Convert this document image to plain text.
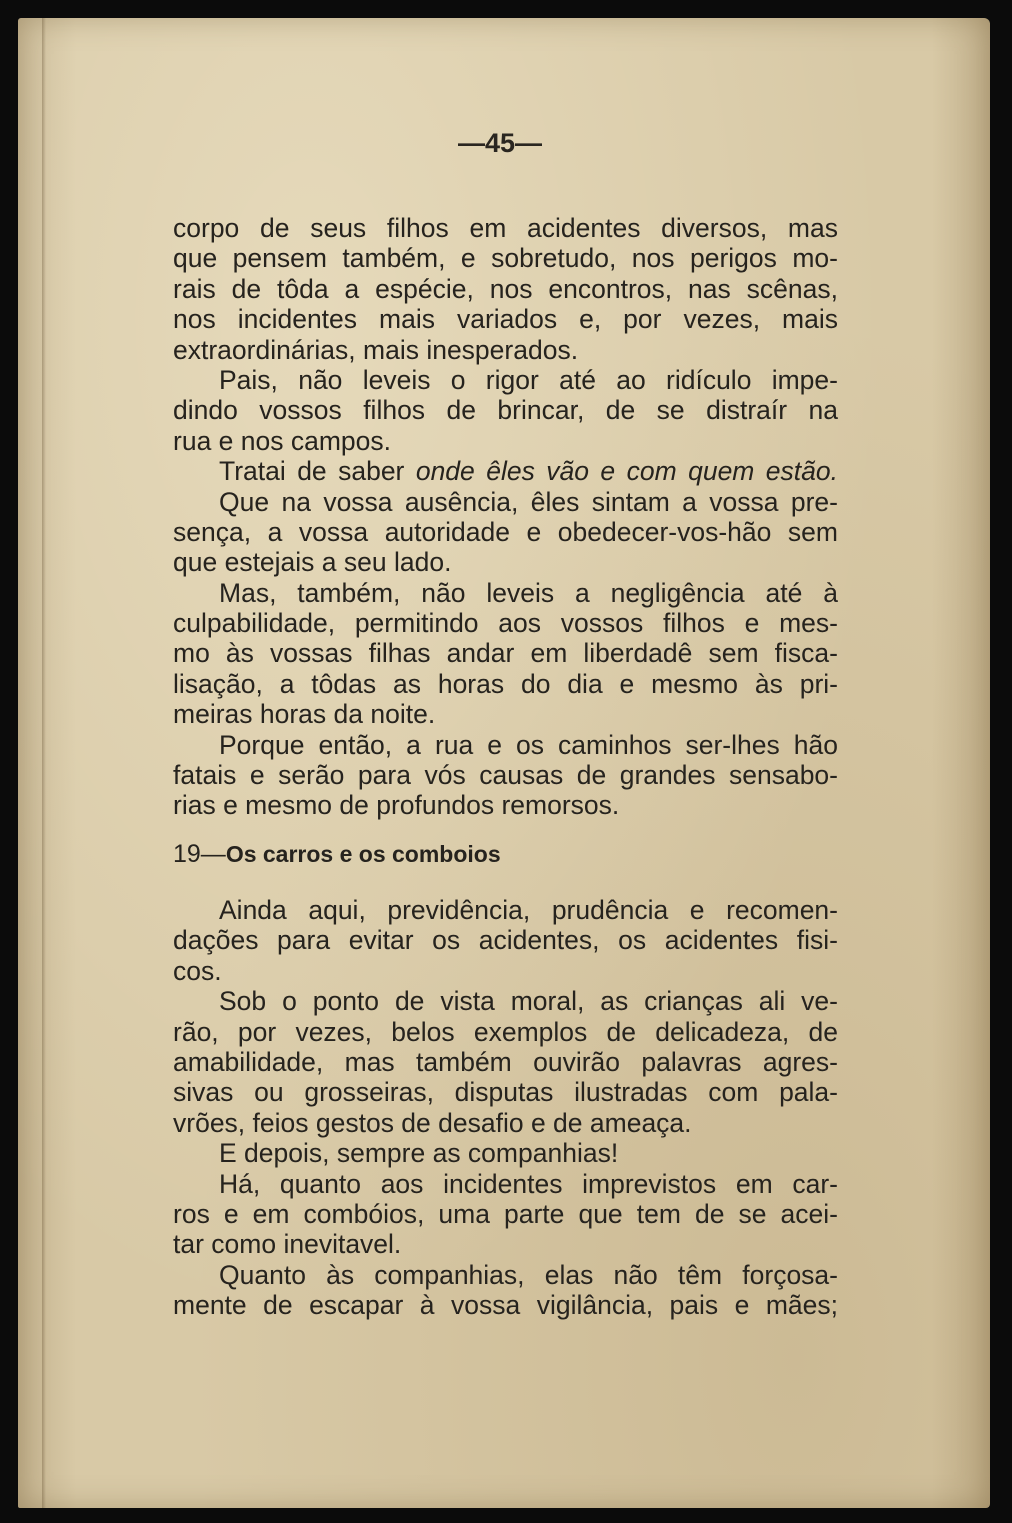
—45—
corpo de seus filhos em acidentes diversos, mas
que pensem também, e sobretudo, nos perigos mo-
rais de tôda a espécie, nos encontros, nas scênas,
nos incidentes mais variados e, por vezes, mais
extraordinárias, mais inesperados.
Pais, não leveis o rigor até ao ridículo impe-
dindo vossos filhos de brincar, de se distraír na
rua e nos campos.
Tratai de saber onde êles vão e com quem estão.
Que na vossa ausência, êles sintam a vossa pre-
sença, a vossa autoridade e obedecer-vos-hão sem
que estejais a seu lado.
Mas, também, não leveis a negligência até à
culpabilidade, permitindo aos vossos filhos e mes-
mo às vossas filhas andar em liberdadê sem fisca-
lisação, a tôdas as horas do dia e mesmo às pri-
meiras horas da noite.
Porque então, a rua e os caminhos ser-lhes hão
fatais e serão para vós causas de grandes sensabo-
rias e mesmo de profundos remorsos.
19—Os carros e os comboios
Ainda aqui, previdência, prudência e recomen-
dações para evitar os acidentes, os acidentes fisi-
cos.
Sob o ponto de vista moral, as crianças ali ve-
rão, por vezes, belos exemplos de delicadeza, de
amabilidade, mas também ouvirão palavras agres-
sivas ou grosseiras, disputas ilustradas com pala-
vrões, feios gestos de desafio e de ameaça.
E depois, sempre as companhias!
Há, quanto aos incidentes imprevistos em car-
ros e em combóios, uma parte que tem de se acei-
tar como inevitavel.
Quanto às companhias, elas não têm forçosa-
mente de escapar à vossa vigilância, pais e mães;
